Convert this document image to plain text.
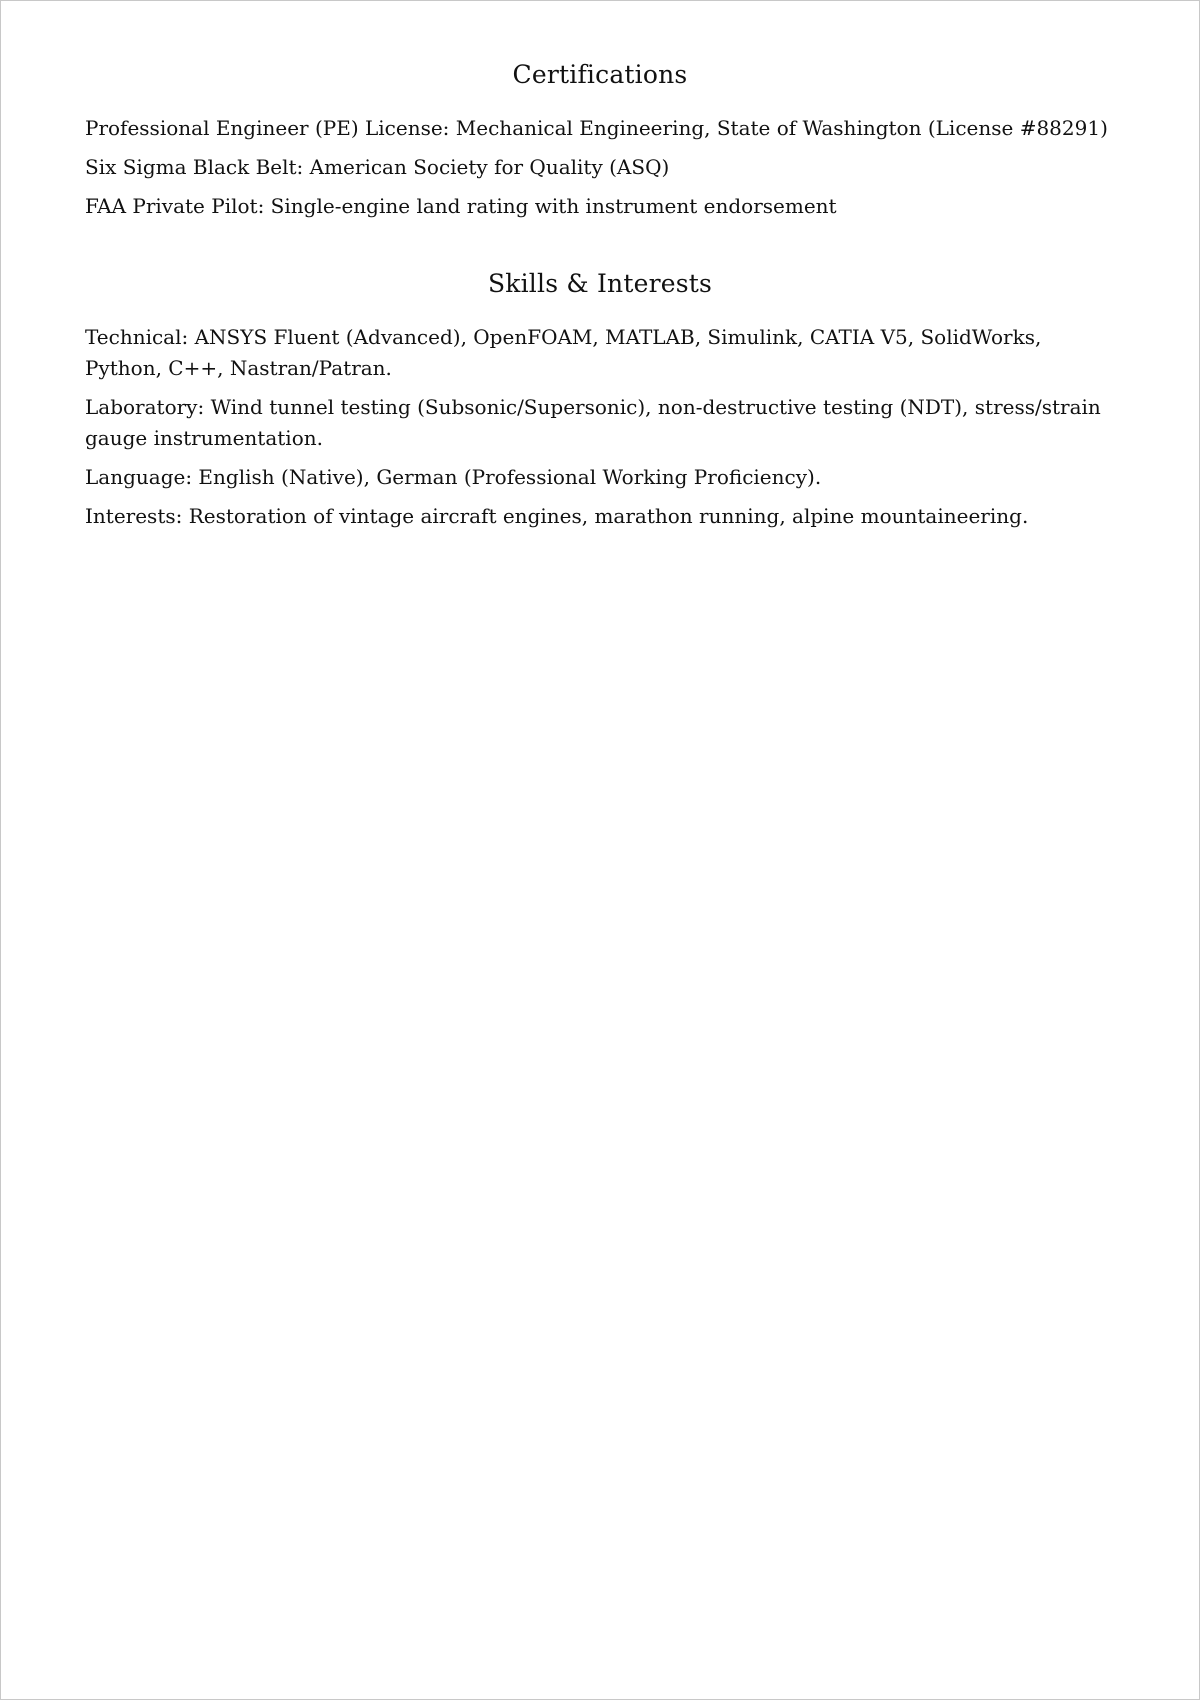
Certifications

Professional Engineer (PE) License: Mechanical Engineering, State of Washington (License #88291)

Six Sigma Black Belt: American Society for Quality (ASQ)

FAA Private Pilot: Single-engine land rating with instrument endorsement

Skills & Interests

Technical: ANSYS Fluent (Advanced), OpenFOAM, MATLAB, Simulink, CATIA V5, SolidWorks, Python, C++, Nastran/Patran.

Laboratory: Wind tunnel testing (Subsonic/Supersonic), non-destructive testing (NDT), stress/strain gauge instrumentation.

Language: English (Native), German (Professional Working Proficiency).

Interests: Restoration of vintage aircraft engines, marathon running, alpine mountaineering.
